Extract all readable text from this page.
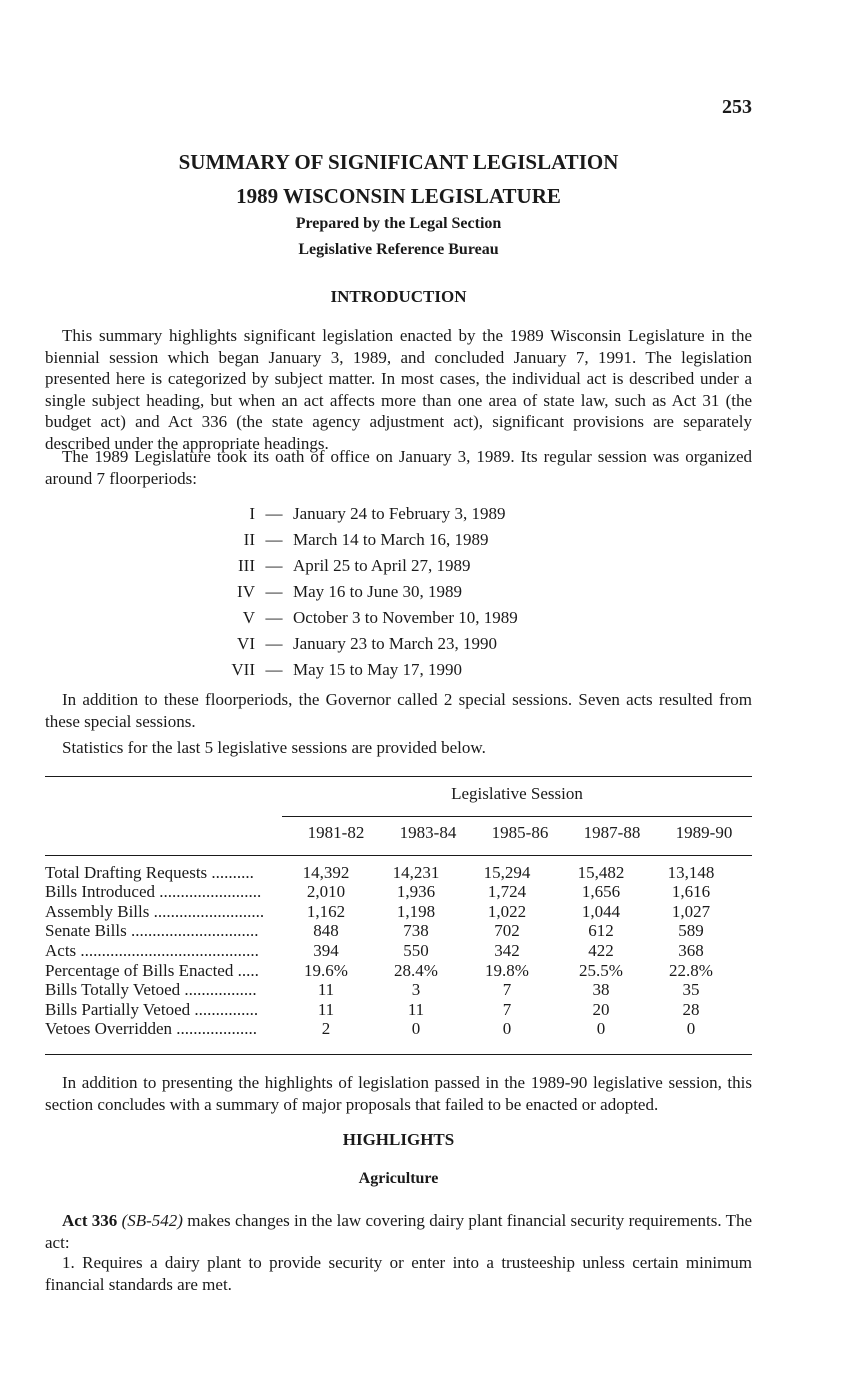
253
SUMMARY OF SIGNIFICANT LEGISLATION
1989 WISCONSIN LEGISLATURE
Prepared by the Legal Section
Legislative Reference Bureau
INTRODUCTION

This summary highlights significant legislation enacted by the 1989 Wisconsin Legislature in the biennial session which began January 3, 1989, and concluded January 7, 1991. The legislation presented here is categorized by subject matter. In most cases, the individual act is described under a single subject heading, but when an act affects more than one area of state law, such as Act 31 (the budget act) and Act 336 (the state agency adjustment act), significant provisions are separately described under the appropriate headings.

The 1989 Legislature took its oath of office on January 3, 1989. Its regular session was organized around 7 floorperiods:

I — January 24 to February 3, 1989
II — March 14 to March 16, 1989
III — April 25 to April 27, 1989
IV — May 16 to June 30, 1989
V — October 3 to November 10, 1989
VI — January 23 to March 23, 1990
VII — May 15 to May 17, 1990

In addition to these floorperiods, the Governor called 2 special sessions. Seven acts resulted from these special sessions.

Statistics for the last 5 legislative sessions are provided below.

Legislative Session
1981-82	1983-84	1985-86	1987-88	1989-90
Total Drafting Requests ..........	14,392	14,231	15,294	15,482	13,148
Bills Introduced ........................	2,010	1,936	1,724	1,656	1,616
Assembly Bills ..........................	1,162	1,198	1,022	1,044	1,027
Senate Bills ..............................	848	738	702	612	589
Acts ..........................................	394	550	342	422	368
Percentage of Bills Enacted .....	19.6%	28.4%	19.8%	25.5%	22.8%
Bills Totally Vetoed .................	11	3	7	38	35
Bills Partially Vetoed ...............	11	11	7	20	28
Vetoes Overridden ...................	2	0	0	0	0

In addition to presenting the highlights of legislation passed in the 1989-90 legislative session, this section concludes with a summary of major proposals that failed to be enacted or adopted.

HIGHLIGHTS
Agriculture

Act 336 (SB-542) makes changes in the law covering dairy plant financial security requirements. The act:

1. Requires a dairy plant to provide security or enter into a trusteeship unless certain minimum financial standards are met.
